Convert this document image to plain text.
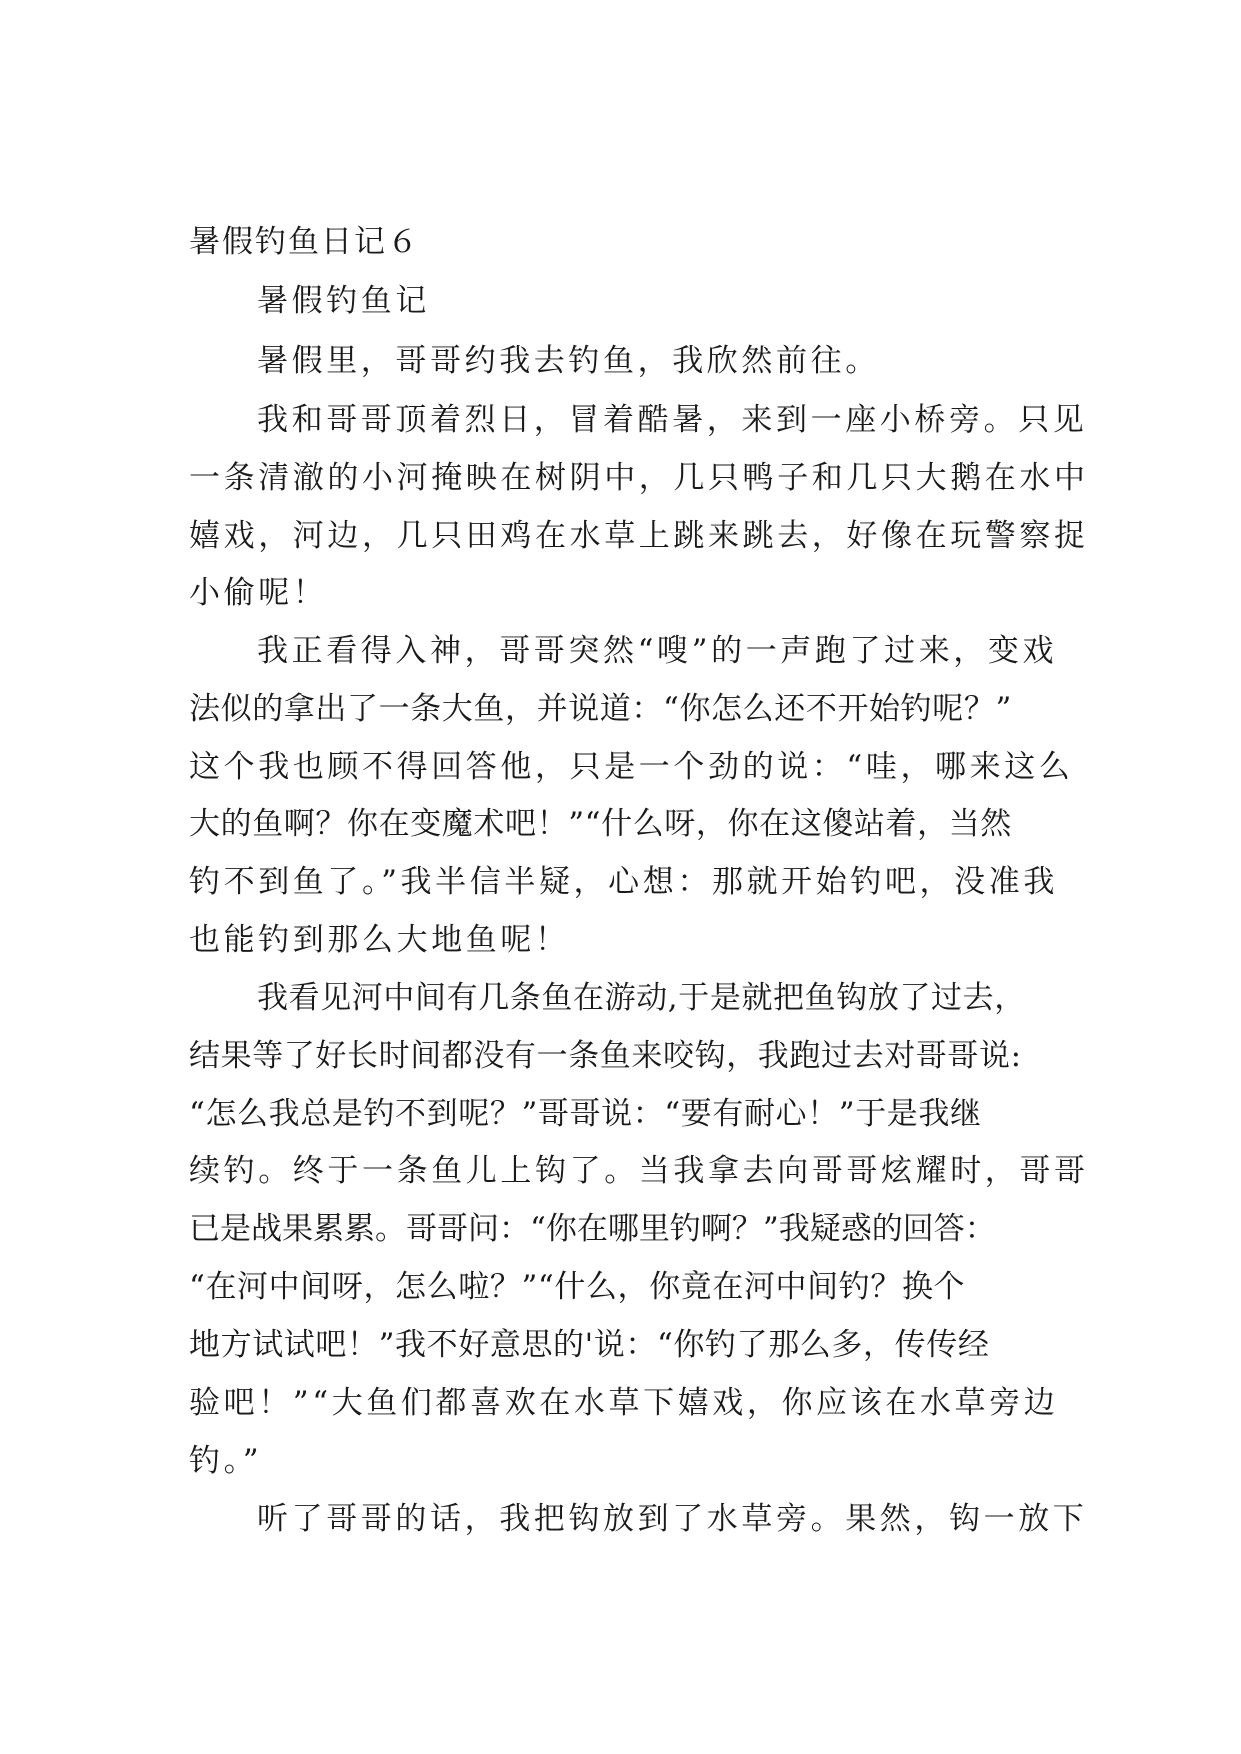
暑假钓鱼日记６
暑假钓鱼记
暑假里，哥哥约我去钓鱼，我欣然前往。
我和哥哥顶着烈日，冒着酷暑，来到一座小桥旁。只见
一条清澈的小河掩映在树阴中，几只鸭子和几只大鹅在水中
嬉戏，河边，几只田鸡在水草上跳来跳去，好像在玩警察捉
小偷呢！
我正看得入神，哥哥突然“嗖”的一声跑了过来，变戏
法似的拿出了一条大鱼，并说道：“你怎么还不开始钓呢？”
这个我也顾不得回答他，只是一个劲的说：“哇，哪来这么
大的鱼啊？你在变魔术吧！”“什么呀，你在这傻站着，当然
钓不到鱼了。”我半信半疑，心想：那就开始钓吧，没准我
也能钓到那么大地鱼呢！
我看见河中间有几条鱼在游动,于是就把鱼钩放了过去，
结果等了好长时间都没有一条鱼来咬钩，我跑过去对哥哥说:
“怎么我总是钓不到呢？”哥哥说：“要有耐心！”于是我继
续钓。终于一条鱼儿上钩了。当我拿去向哥哥炫耀时，哥哥
已是战果累累。哥哥问：“你在哪里钓啊？”我疑惑的回答：
“在河中间呀，怎么啦？”“什么，你竟在河中间钓？换个
地方试试吧！”我不好意思的'说：“你钓了那么多，传传经
验吧！”“大鱼们都喜欢在水草下嬉戏，你应该在水草旁边
钓。”
听了哥哥的话，我把钩放到了水草旁。果然，钩一放下
